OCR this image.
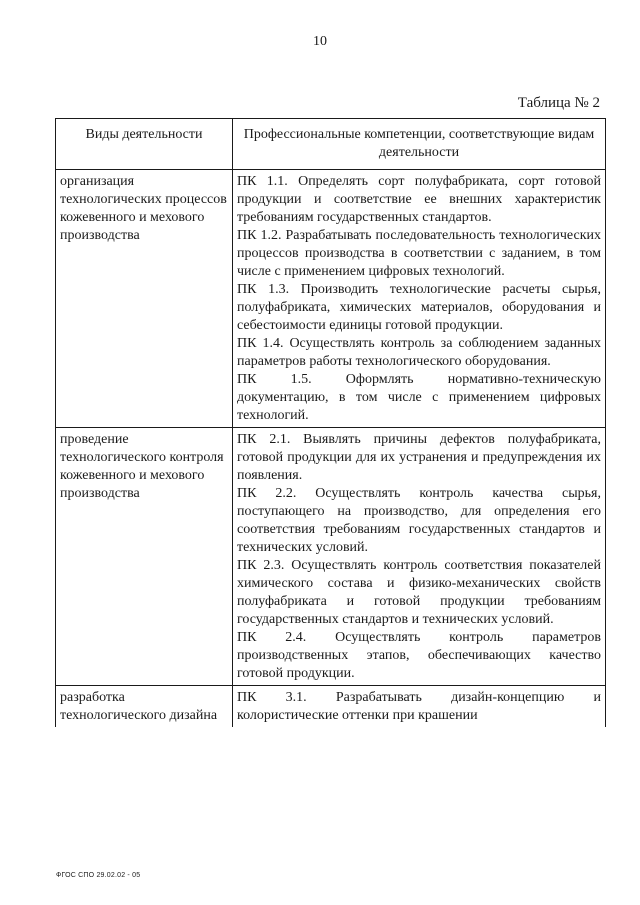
10
Таблица № 2
Виды деятельности	Профессиональные компетенции, соответствующие видам деятельности
организация технологических процессов кожевенного и мехового производства	ПК 1.1. Определять сорт полуфабриката, сорт готовой продукции и соответствие ее внешних характеристик требованиям государственных стандартов.
ПК 1.2. Разрабатывать последовательность технологических процессов производства в соответствии с заданием, в том числе с применением цифровых технологий.
ПК 1.3. Производить технологические расчеты сырья, полуфабриката, химических материалов, оборудования и себестоимости единицы готовой продукции.
ПК 1.4. Осуществлять контроль за соблюдением заданных параметров работы технологического оборудования.
ПК 1.5. Оформлять нормативно-техническую документацию, в том числе с применением цифровых технологий.

проведение технологического контроля кожевенного и мехового производства	ПК 2.1. Выявлять причины дефектов полуфабриката, готовой продукции для их устранения и предупреждения их появления.
ПК 2.2. Осуществлять контроль качества сырья, поступающего на производство, для определения его соответствия требованиям государственных стандартов и технических условий.
ПК 2.3. Осуществлять контроль соответствия показателей химического состава и физико-механических свойств полуфабриката и готовой продукции требованиям государственных стандартов и технических условий.
ПК 2.4. Осуществлять контроль параметров производственных этапов, обеспечивающих качество готовой продукции.

разработка технологического дизайна	ПК 3.1. Разрабатывать дизайн-концепцию и колористические оттенки при крашении
ФГОС СПО 29.02.02 - 05
